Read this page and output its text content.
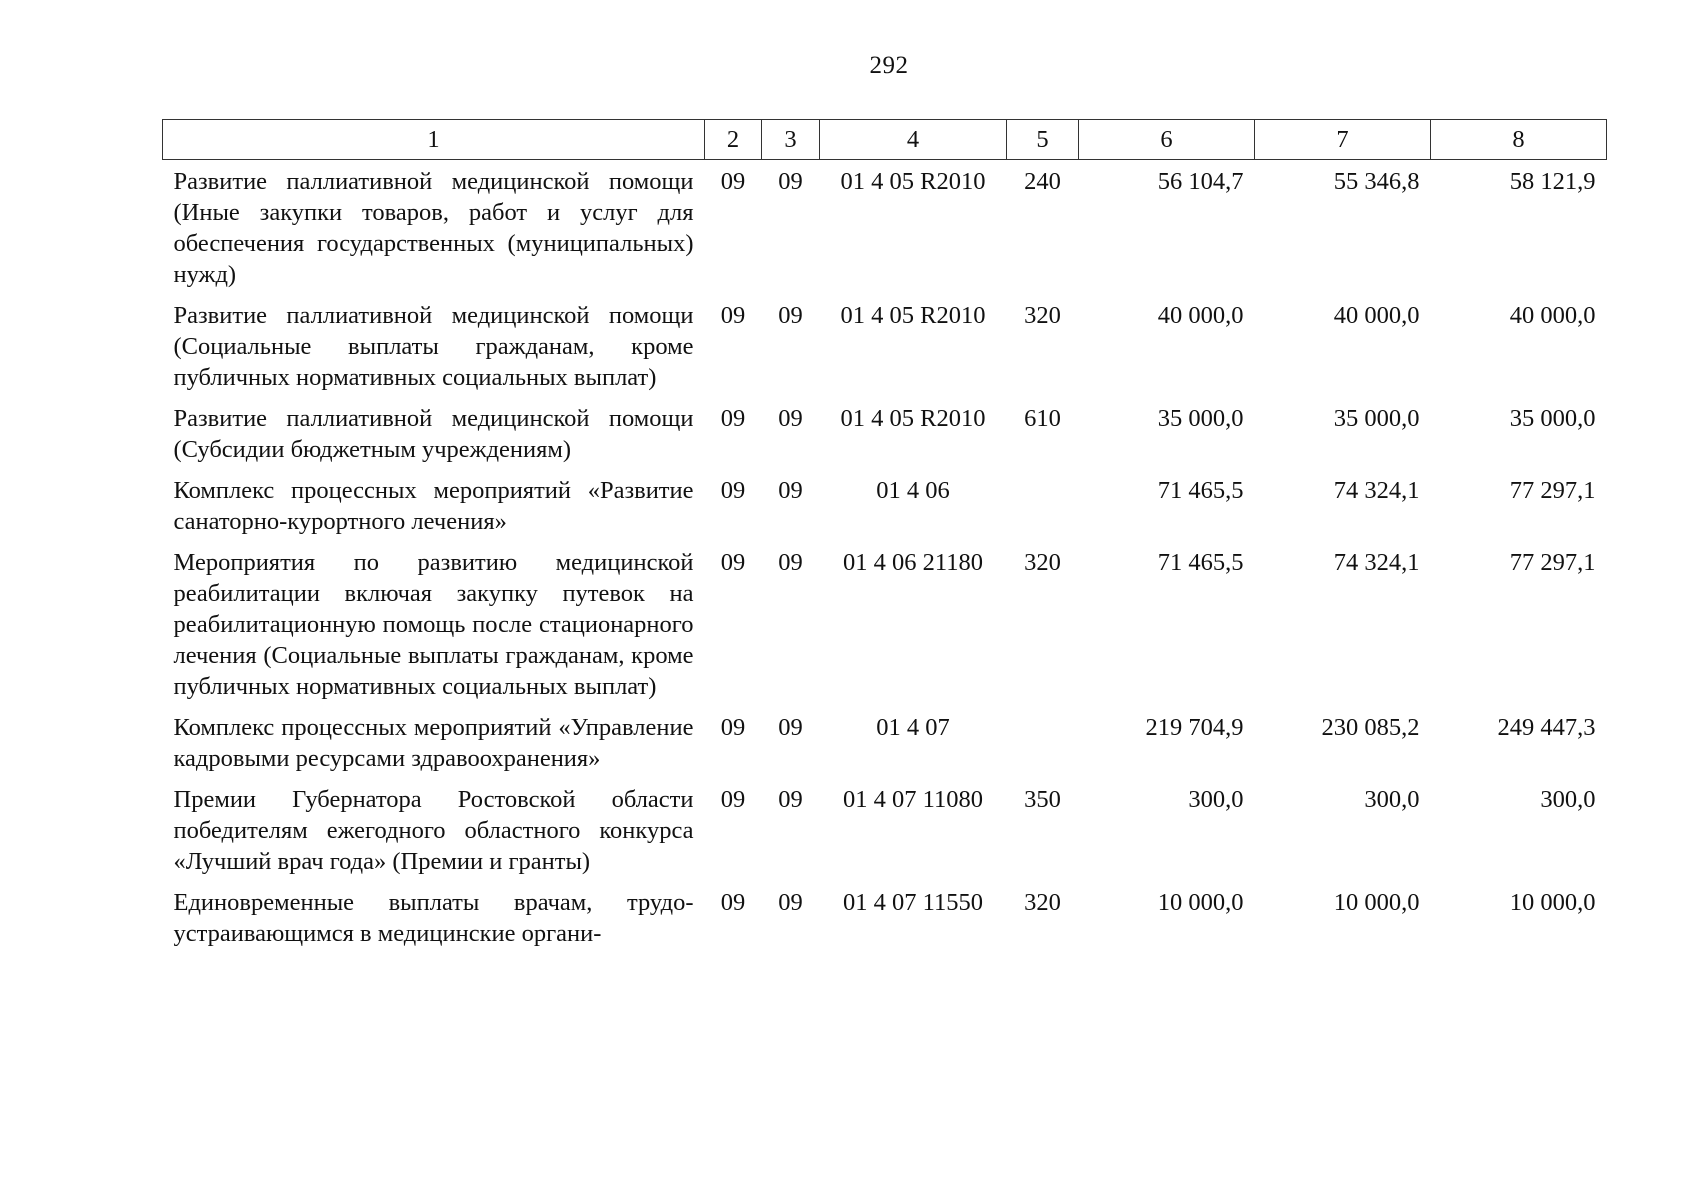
292
1	2	3	4	5	6	7	8
Развитие паллиативной медицинской помощи (Иные закупки товаров, работ и услуг для обеспечения государственных (муниципальных) нужд)	09	09	01 4 05 R2010	240	56 104,7	55 346,8	58 121,9
Развитие паллиативной медицинской помощи (Социальные выплаты гражданам, кроме публичных нормативных социальных выплат)	09	09	01 4 05 R2010	320	40 000,0	40 000,0	40 000,0
Развитие паллиативной медицинской помощи (Субсидии бюджетным учреждениям)	09	09	01 4 05 R2010	610	35 000,0	35 000,0	35 000,0
Комплекс процессных мероприятий «Развитие санаторно-курортного лечения»	09	09	01 4 06		71 465,5	74 324,1	77 297,1
Мероприятия по развитию медицинской реабилитации включая закупку путевок на реабилитационную помощь после стационарного лечения (Социальные выплаты гражданам, кроме публичных нормативных социальных выплат)	09	09	01 4 06 21180	320	71 465,5	74 324,1	77 297,1
Комплекс процессных мероприятий «Управление кадровыми ресурсами здравоохранения»	09	09	01 4 07		219 704,9	230 085,2	249 447,3
Премии Губернатора Ростовской области победителям ежегодного областного конкурса «Лучший врач года» (Премии и гранты)	09	09	01 4 07 11080	350	300,0	300,0	300,0
Единовременные выплаты врачам, трудоустраивающимся в медицинские органи-	09	09	01 4 07 11550	320	10 000,0	10 000,0	10 000,0
